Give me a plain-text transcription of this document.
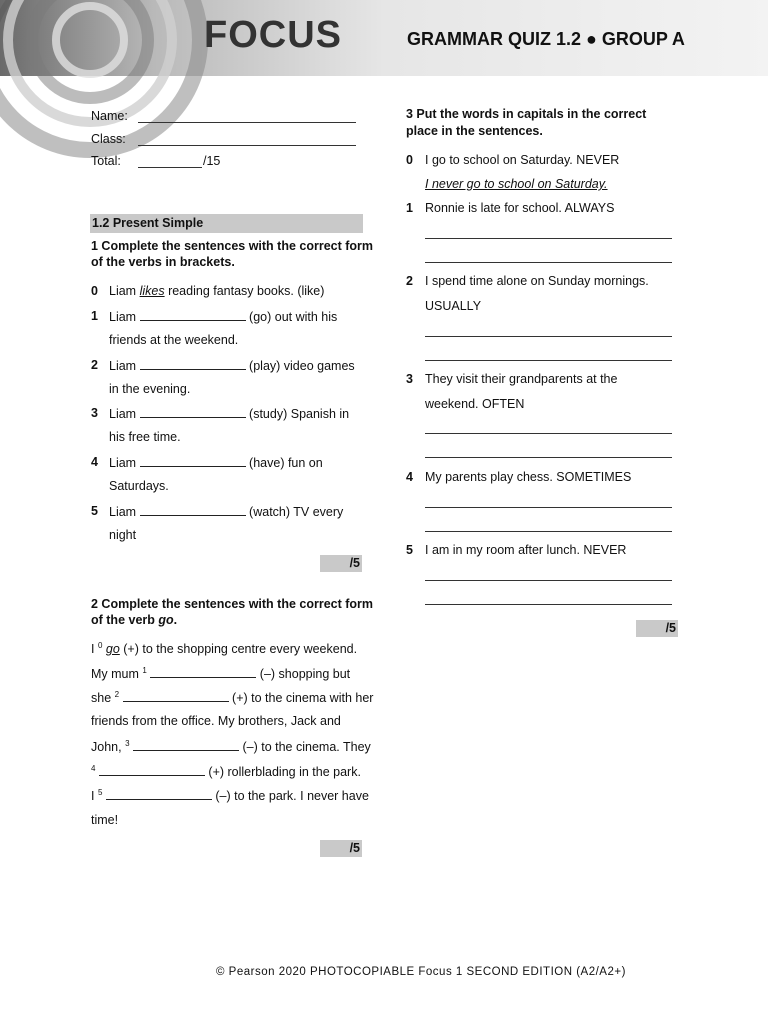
FOCUS	GRAMMAR QUIZ 1.2 ● GROUP A
Name:
Class:
Total:	/15
1.2 Present Simple
1 Complete the sentences with the correct form
of the verbs in brackets.
0 Liam likes reading fantasy books. (like)
1 Liam	(go) out with his
friends at the weekend.
2 Liam	(play) video games
in the evening.
3 Liam	(study) Spanish in
his free time.
4 Liam	(have) fun on
Saturdays.
5 Liam	(watch) TV every
night
/5
2 Complete the sentences with the correct form
of the verb go.
I $^0$ go (+) to the shopping centre every weekend.
My mum $^1$	(–) shopping but
she $^2$	(+) to the cinema with her
friends from the office. My brothers, Jack and
John, $^3$	(–) to the cinema. They
$^4$	(+) rollerblading in the park.
I $^5$	(–) to the park. I never have
time!
/5
3 Put the words in capitals in the correct
place in the sentences.
0 I go to school on Saturday. NEVER
I never go to school on Saturday.
1 Ronnie is late for school. ALWAYS
2 I spend time alone on Sunday mornings.
USUALLY
3 They visit their grandparents at the
weekend. OFTEN
4 My parents play chess. SOMETIMES
5 I am in my room after lunch. NEVER
/5
© Pearson 2020 PHOTOCOPIABLE Focus 1 SECOND EDITION (A2/A2+)
